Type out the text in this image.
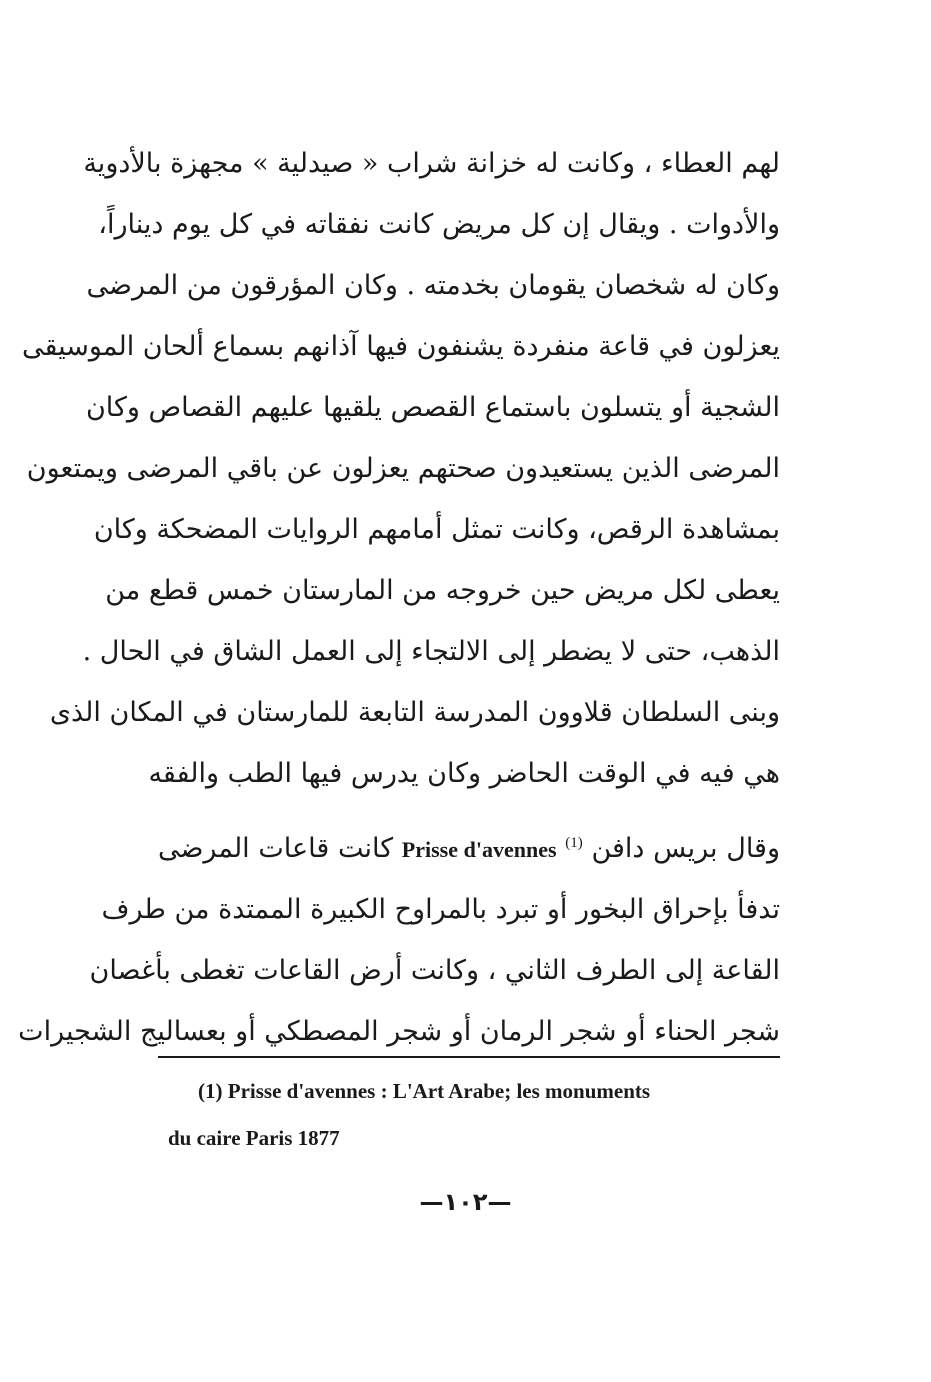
لهم العطاء ، وكانت له خزانة شراب « صيدلية » مجهزة بالأدوية
والأدوات . ويقال إن كل مريض كانت نفقاته في كل يوم ديناراً،
وكان له شخصان يقومان بخدمته . وكان المؤرقون من المرضى
يعزلون في قاعة منفردة يشنفون فيها آذانهم بسماع ألحان الموسيقى
الشجية أو يتسلون باستماع القصص يلقيها عليهم القصاص وكان
المرضى الذين يستعيدون صحتهم يعزلون عن باقي المرضى ويمتعون
بمشاهدة الرقص، وكانت تمثل أمامهم الروايات المضحكة وكان
يعطى لكل مريض حين خروجه من المارستان خمس قطع من
الذهب، حتى لا يضطر إلى الالتجاء إلى العمل الشاق في الحال .
وبنى السلطان قلاوون المدرسة التابعة للمارستان في المكان الذى
هي فيه في الوقت الحاضر وكان يدرس فيها الطب والفقه
وقال بريس دافن $^{(1)}$ Prisse d'avennes كانت قاعات المرضى
تدفأ بإحراق البخور أو تبرد بالمراوح الكبيرة الممتدة من طرف
القاعة إلى الطرف الثاني ، وكانت أرض القاعات تغطى بأغصان
شجر الحناء أو شجر الرمان أو شجر المصطكي أو بعساليج الشجيرات
(1) Prisse d'avennes : L'Art Arabe; les monuments
du caire Paris 1877
—١٠٢—
